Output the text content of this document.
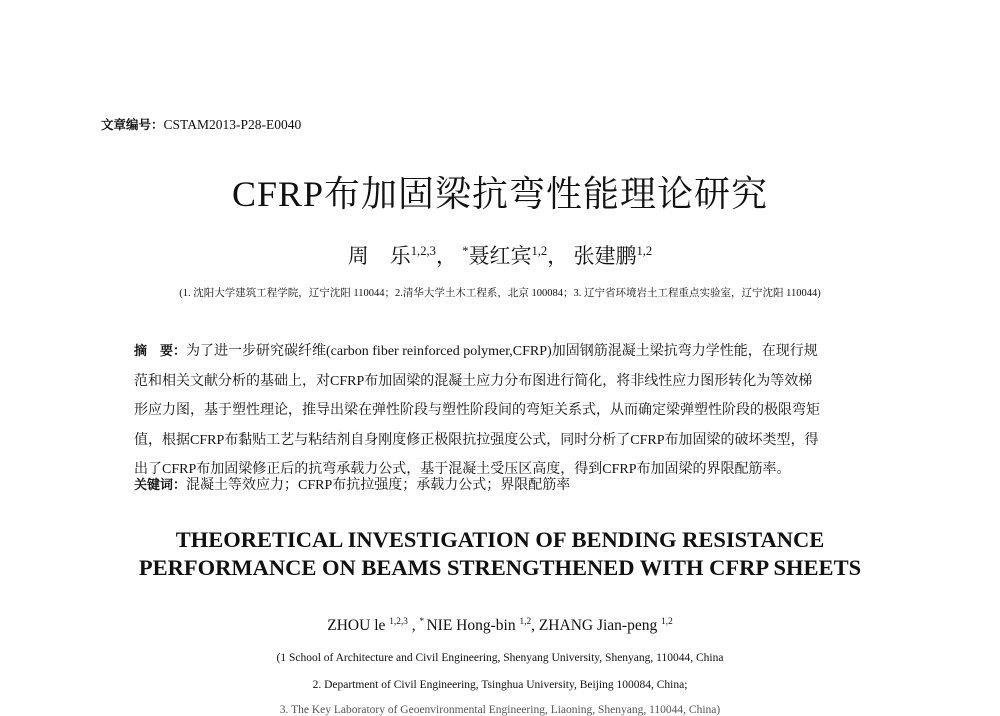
文章编号：CSTAM2013-P28-E0040
CFRP布加固梁抗弯性能理论研究
周　乐$^{1,2,3}$， *聂红宾$^{1,2}$， 张建鹏$^{1,2}$
(1. 沈阳大学建筑工程学院，辽宁沈阳 110044；2.清华大学土木工程系，北京 100084；3. 辽宁省环境岩土工程重点实验室，辽宁沈阳 110044)
摘　要：为了进一步研究碳纤维(carbon fiber reinforced polymer,CFRP)加固钢筋混凝土梁抗弯力学性能，在现行规
范和相关文献分析的基础上，对CFRP布加固梁的混凝土应力分布图进行简化，将非线性应力图形转化为等效梯
形应力图，基于塑性理论，推导出梁在弹性阶段与塑性阶段间的弯矩关系式，从而确定梁弹塑性阶段的极限弯矩
值，根据CFRP布黏贴工艺与粘结剂自身刚度修正极限抗拉强度公式，同时分析了CFRP布加固梁的破坏类型，得
出了CFRP布加固梁修正后的抗弯承载力公式，基于混凝土受压区高度，得到CFRP布加固梁的界限配筋率。
关键词：混凝土等效应力；CFRP布抗拉强度；承载力公式；界限配筋率
THEORETICAL INVESTIGATION OF BENDING RESISTANCE
PERFORMANCE ON BEAMS STRENGTHENED WITH CFRP SHEETS
ZHOU le $^{1,2,3}$ , * NIE Hong-bin $^{1,2}$, ZHANG Jian-peng $^{1,2}$
(1 School of Architecture and Civil Engineering, Shenyang University, Shenyang, 110044, China
2. Department of Civil Engineering, Tsinghua University, Beijing 100084, China;
3. The Key Laboratory of Geoenvironmental Engineering, Liaoning, Shenyang, 110044, China)
